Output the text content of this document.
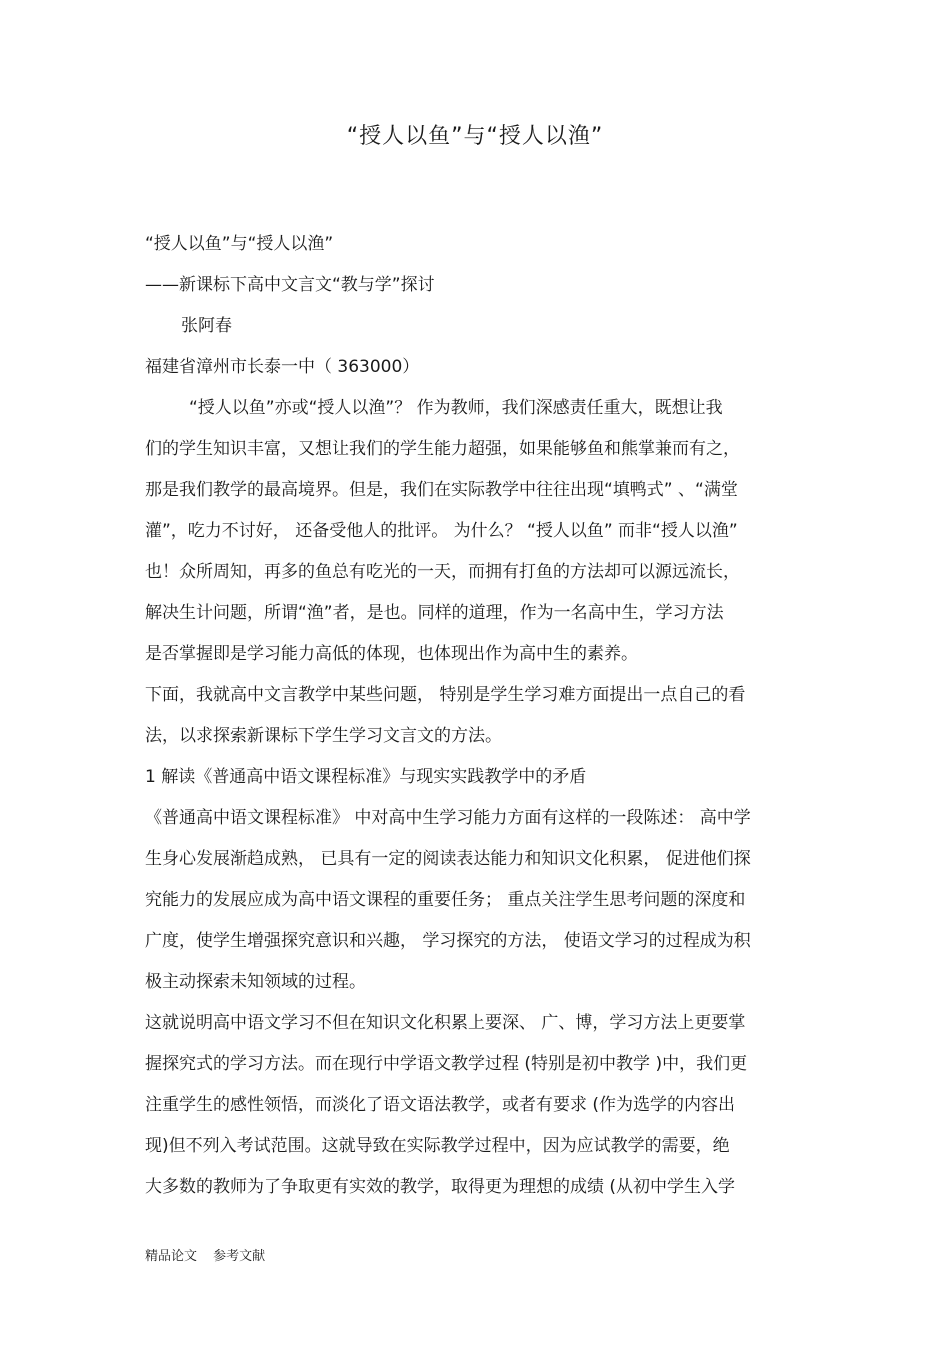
“授人以鱼”与“授人以渔”
“授人以鱼”与“授人以渔”
——新课标下高中文言文“教与学”探讨
张阿春
福建省漳州市长泰一中（ 363000）
“授人以鱼”亦或“授人以渔”？ 作为教师，我们深感责任重大，既想让我
们的学生知识丰富，又想让我们的学生能力超强，如果能够鱼和熊掌兼而有之，
那是我们教学的最高境界。但是，我们在实际教学中往往出现“填鸭式” 、“满堂
灌”，吃力不讨好， 还备受他人的批评。 为什么？ “授人以鱼” 而非“授人以渔”
也！众所周知，再多的鱼总有吃光的一天，而拥有打鱼的方法却可以源远流长，
解决生计问题，所谓“渔”者，是也。同样的道理，作为一名高中生，学习方法
是否掌握即是学习能力高低的体现，也体现出作为高中生的素养。
下面，我就高中文言教学中某些问题， 特别是学生学习难方面提出一点自己的看
法，以求探索新课标下学生学习文言文的方法。
1 解读《普通高中语文课程标准》与现实实践教学中的矛盾
《普通高中语文课程标准》 中对高中生学习能力方面有这样的一段陈述： 高中学
生身心发展渐趋成熟， 已具有一定的阅读表达能力和知识文化积累， 促进他们探
究能力的发展应成为高中语文课程的重要任务； 重点关注学生思考问题的深度和
广度，使学生增强探究意识和兴趣， 学习探究的方法， 使语文学习的过程成为积
极主动探索未知领域的过程。
这就说明高中语文学习不但在知识文化积累上要深、 广、博，学习方法上更要掌
握探究式的学习方法。而在现行中学语文教学过程 (特别是初中教学 )中，我们更
注重学生的感性领悟，而淡化了语文语法教学，或者有要求 (作为选学的内容出
现)但不列入考试范围。这就导致在实际教学过程中，因为应试教学的需要，绝
大多数的教师为了争取更有实效的教学，取得更为理想的成绩 (从初中学生入学
精品论文 参考文献
